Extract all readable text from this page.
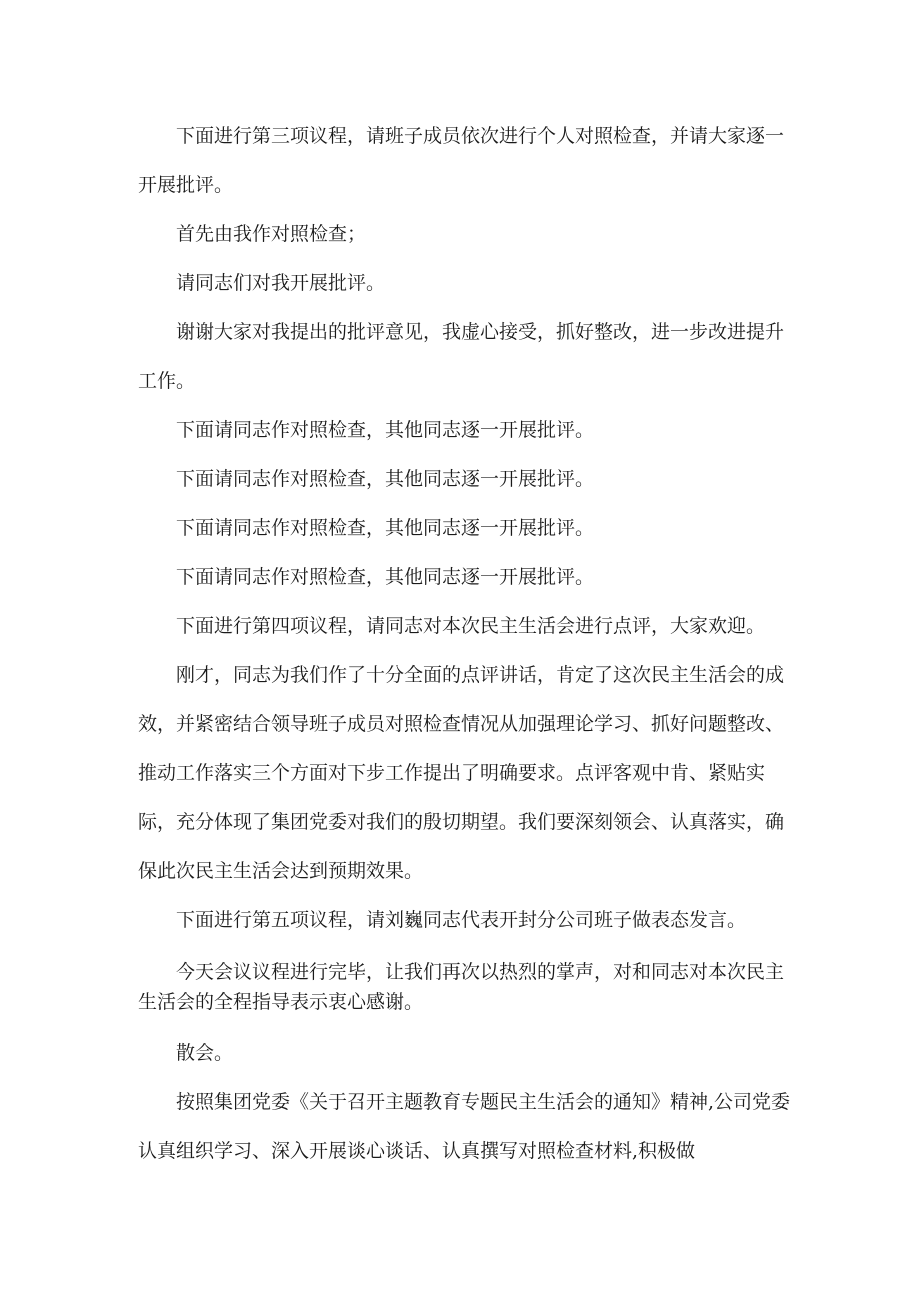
下面进行第三项议程，请班子成员依次进行个人对照检查，并请大家逐一开展批评。

首先由我作对照检查；

请同志们对我开展批评。

谢谢大家对我提出的批评意见，我虚心接受，抓好整改，进一步改进提升工作。

下面请同志作对照检查，其他同志逐一开展批评。

下面请同志作对照检查，其他同志逐一开展批评。

下面请同志作对照检查，其他同志逐一开展批评。

下面请同志作对照检查，其他同志逐一开展批评。

下面进行第四项议程，请同志对本次民主生活会进行点评，大家欢迎。

刚才，同志为我们作了十分全面的点评讲话，肯定了这次民主生活会的成效，并紧密结合领导班子成员对照检查情况从加强理论学习、抓好问题整改、推动工作落实三个方面对下步工作提出了明确要求。点评客观中肯、紧贴实际，充分体现了集团党委对我们的殷切期望。我们要深刻领会、认真落实，确保此次民主生活会达到预期效果。

下面进行第五项议程，请刘巍同志代表开封分公司班子做表态发言。

今天会议议程进行完毕，让我们再次以热烈的掌声，对和同志对本次民主生活会的全程指导表示衷心感谢。

散会。

按照集团党委《关于召开主题教育专题民主生活会的通知》精神,公司党委认真组织学习、深入开展谈心谈话、认真撰写对照检查材料,积极做
